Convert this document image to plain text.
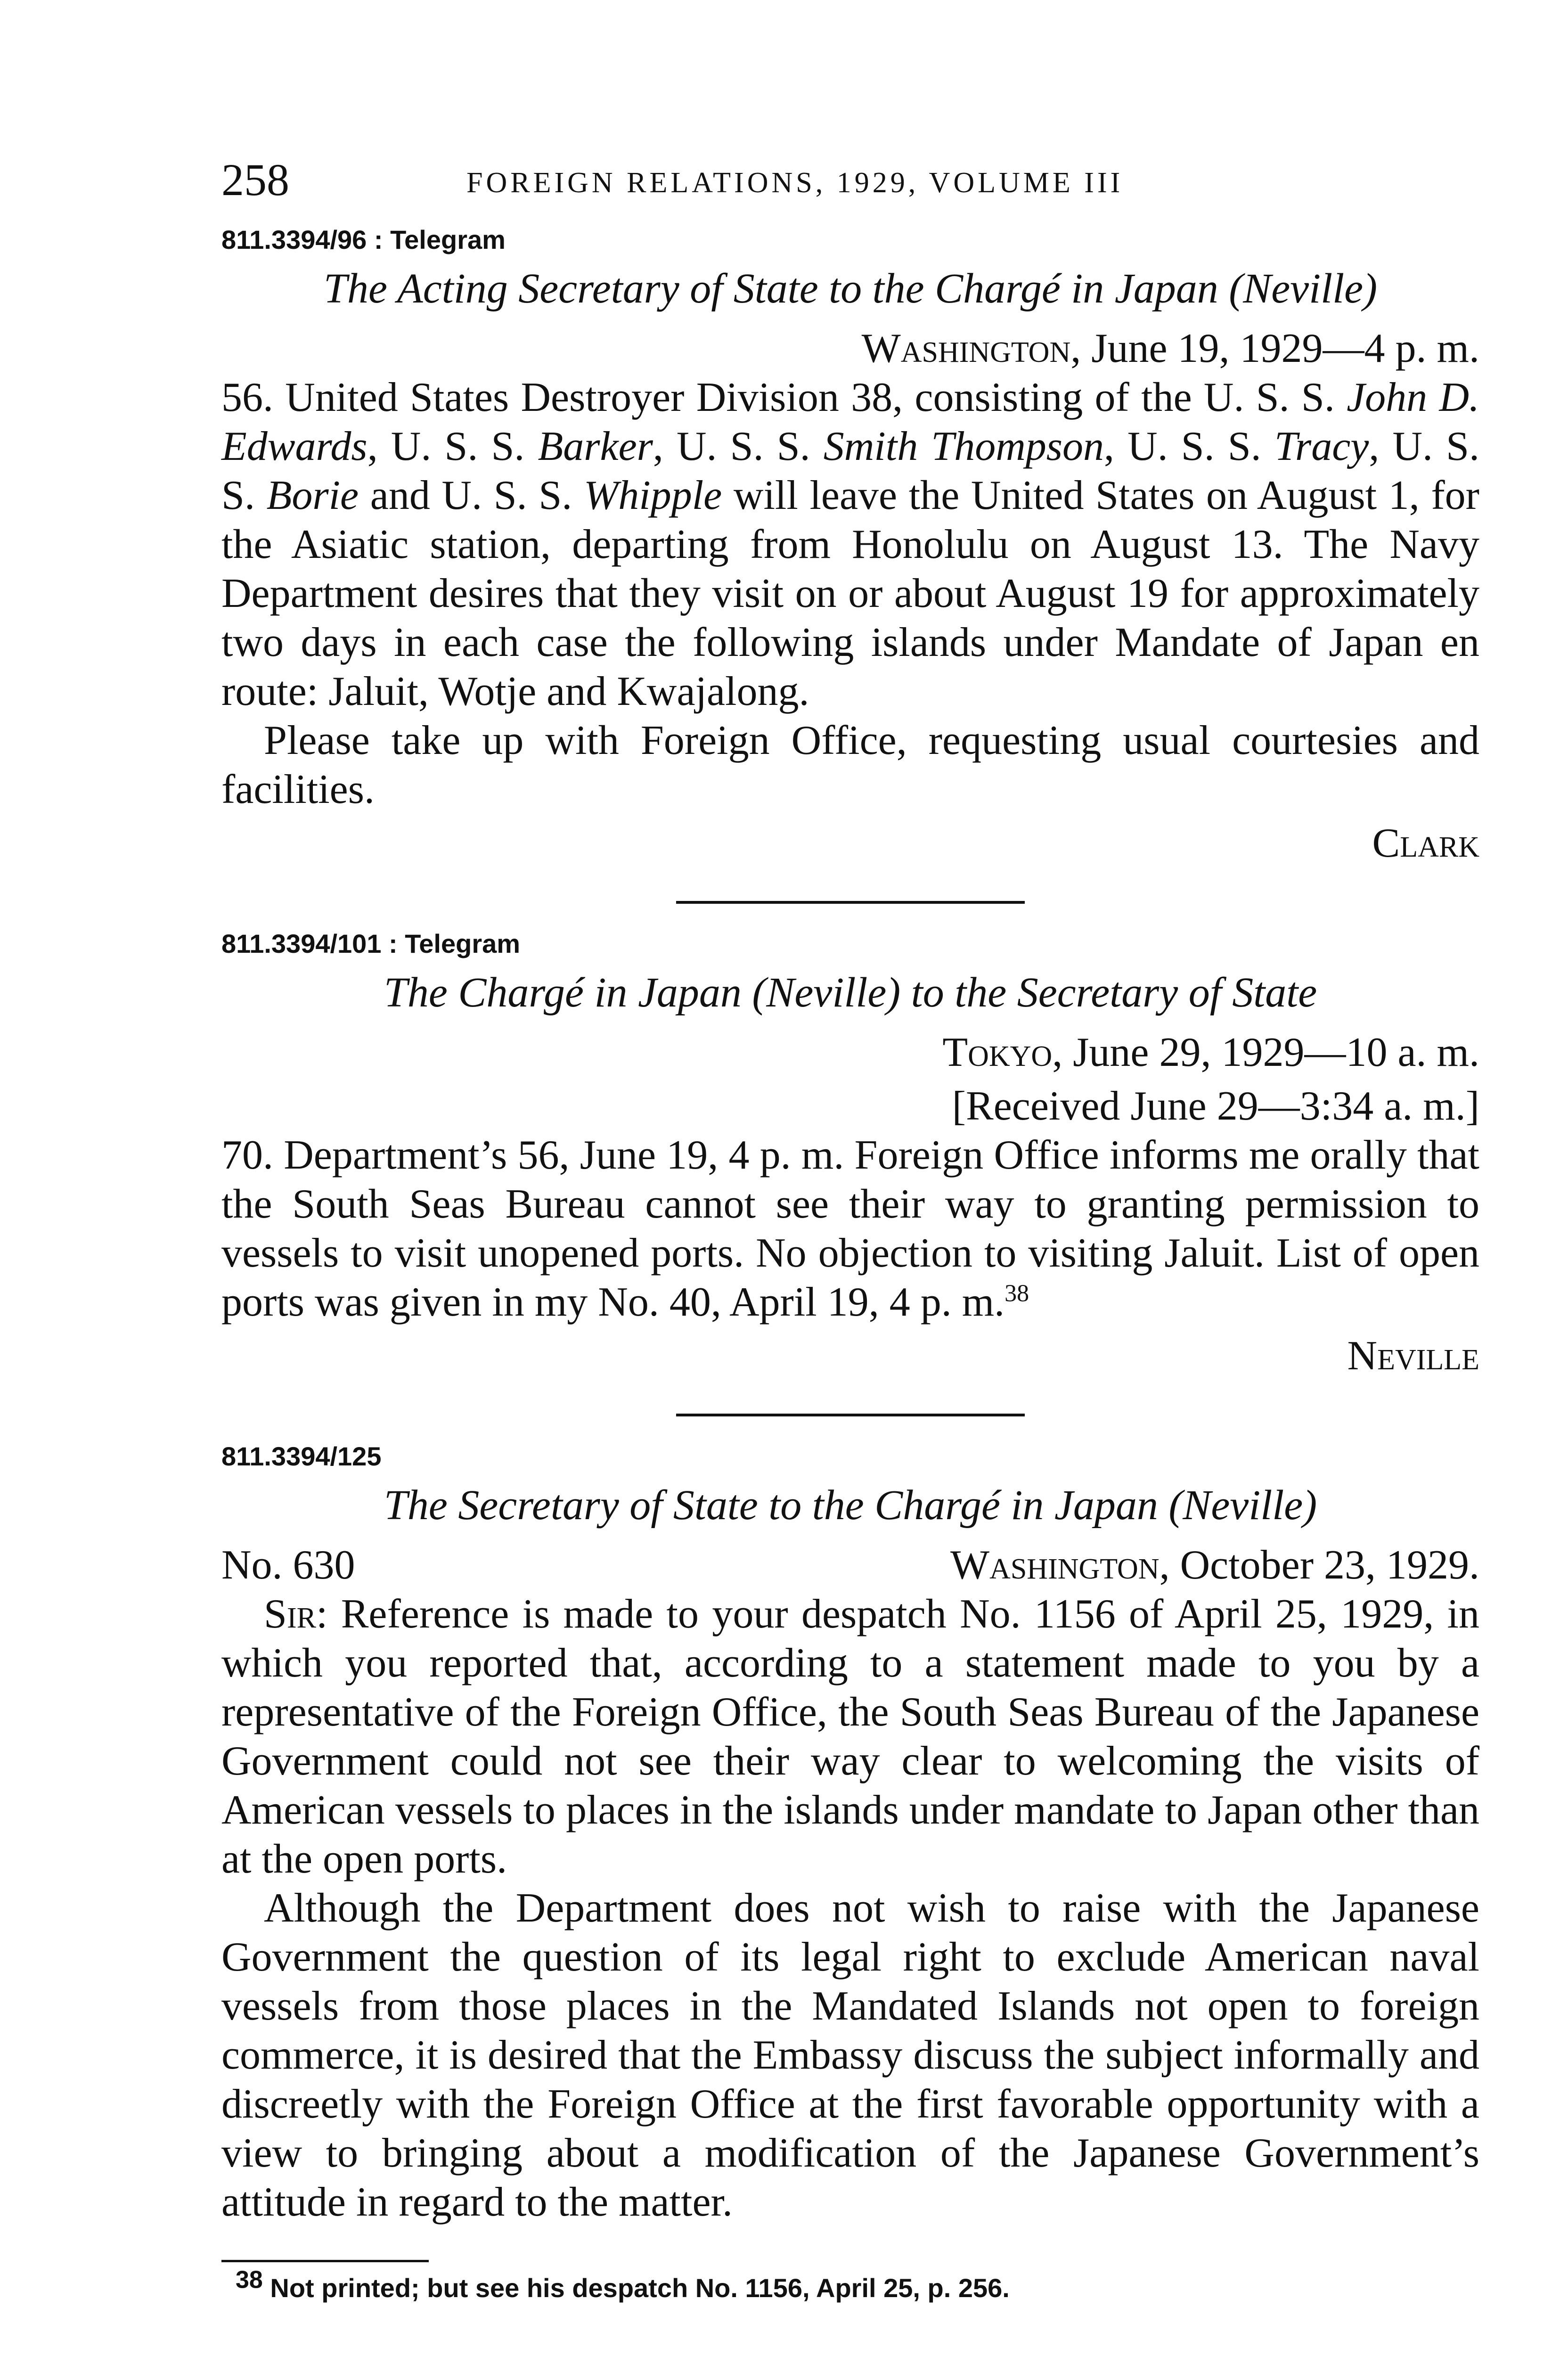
258	FOREIGN RELATIONS, 1929, VOLUME III
811.3394/96 : Telegram
The Acting Secretary of State to the Chargé in Japan (Neville)
Washington, June 19, 1929—4 p. m.

56. United States Destroyer Division 38, consisting of the U. S. S. John D. Edwards, U. S. S. Barker, U. S. S. Smith Thompson, U. S. S. Tracy, U. S. S. Borie and U. S. S. Whipple will leave the United States on August 1, for the Asiatic station, departing from Honolulu on August 13. The Navy Department desires that they visit on or about August 19 for approximately two days in each case the following islands under Mandate of Japan en route: Jaluit, Wotje and Kwajalong.

Please take up with Foreign Office, requesting usual courtesies and facilities.

Clark
811.3394/101 : Telegram
The Chargé in Japan (Neville) to the Secretary of State
Tokyo, June 29, 1929—10 a. m.
[Received June 29—3:34 a. m.]

70. Department’s 56, June 19, 4 p. m. Foreign Office informs me orally that the South Seas Bureau cannot see their way to granting permission to vessels to visit unopened ports. No objection to visiting Jaluit. List of open ports was given in my No. 40, April 19, 4 p. m.$^{38}$

Neville
811.3394/125
The Secretary of State to the Chargé in Japan (Neville)
No. 630	Washington, October 23, 1929.

Sir: Reference is made to your despatch No. 1156 of April 25, 1929, in which you reported that, according to a statement made to you by a representative of the Foreign Office, the South Seas Bureau of the Japanese Government could not see their way clear to welcoming the visits of American vessels to places in the islands under mandate to Japan other than at the open ports.

Although the Department does not wish to raise with the Japanese Government the question of its legal right to exclude American naval vessels from those places in the Mandated Islands not open to foreign commerce, it is desired that the Embassy discuss the subject informally and discreetly with the Foreign Office at the first favorable opportunity with a view to bringing about a modification of the Japanese Government’s attitude in regard to the matter.

$^{38}$ Not printed; but see his despatch No. 1156, April 25, p. 256.
